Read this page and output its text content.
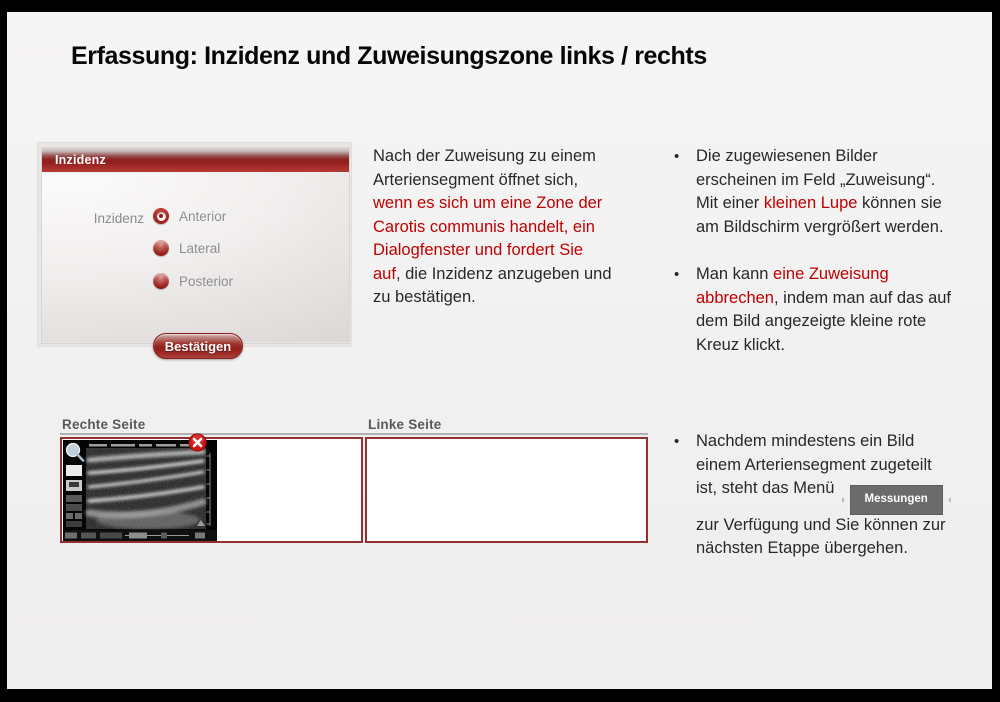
Erfassung: Inzidenz und Zuweisungszone links / rechts
Inzidenz
Inzidenz	Anterior
Lateral
Posterior
Bestätigen
Nach der Zuweisung zu einem
Arteriensegment öffnet sich,
wenn es sich um eine Zone der
Carotis communis handelt, ein
Dialogfenster und fordert Sie
auf, die Inzidenz anzugeben und
zu bestätigen.
• Die zugewiesenen Bilder
erscheinen im Feld „Zuweisung“.
Mit einer kleinen Lupe können sie
am Bildschirm vergrößert werden.
• Man kann eine Zuweisung
abbrechen, indem man auf das auf
dem Bild angezeigte kleine rote
Kreuz klickt.
• Nachdem mindestens ein Bild
einem Arteriensegment zugeteilt
ist, steht das Menü
Messungen
zur Verfügung und Sie können zur
nächsten Etappe übergehen.
Rechte Seite	Linke Seite
